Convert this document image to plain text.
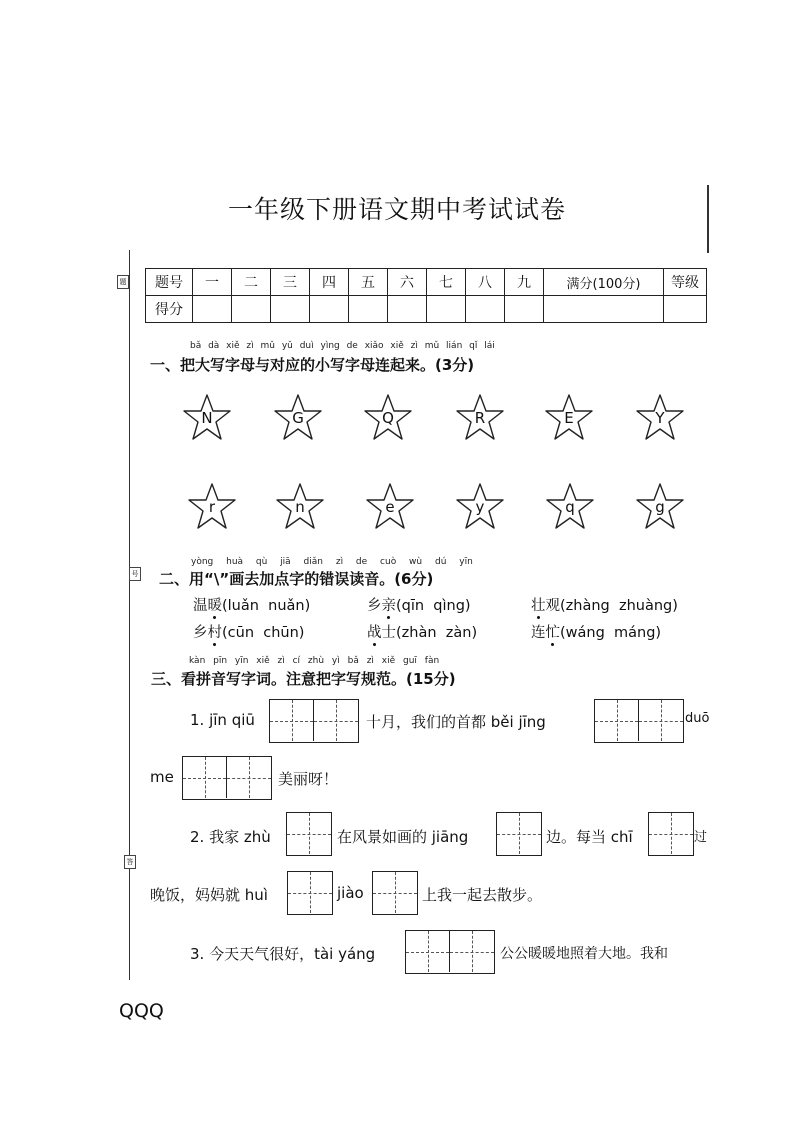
题
号
答
一年级下册语文期中考试试卷
题号	一	二	三	四	五	六	七	八	九	满分(100分)	等级
得分											
bǎ dà xiě zì mǔ yǔ duì yìng de xiǎo xiě zì mǔ lián qǐ lái
一、把大写字母与对应的小写字母连起来。(3分)
N	G	Q	R	E	Y
r	n	e	y	q	g
yòng huà qù jiā diǎn zì de cuò wù dú yīn
二、用“\”画去加点字的错误读音。(6分)
温暖(luǎn  nuǎn)	乡亲(qīn  qìng)	壮观(zhàng  zhuàng)
乡村(cūn  chūn)	战士(zhàn  zàn)	连忙(wáng  máng)
kàn pīn yīn xiě zì cí zhù yì bǎ zì xiě guī fàn
三、看拼音写字词。注意把字写规范。(15分)
1. jīn qiū	十月，我们的首都 běi jīng	duō
me	美丽呀！
2. 我家 zhù	在风景如画的 jiāng	边。每当 chī	过
晚饭，妈妈就 huì	jiào	上我一起去散步。
3. 今天天气很好，tài yáng	公公暖暖地照着大地。我和
QQQ
